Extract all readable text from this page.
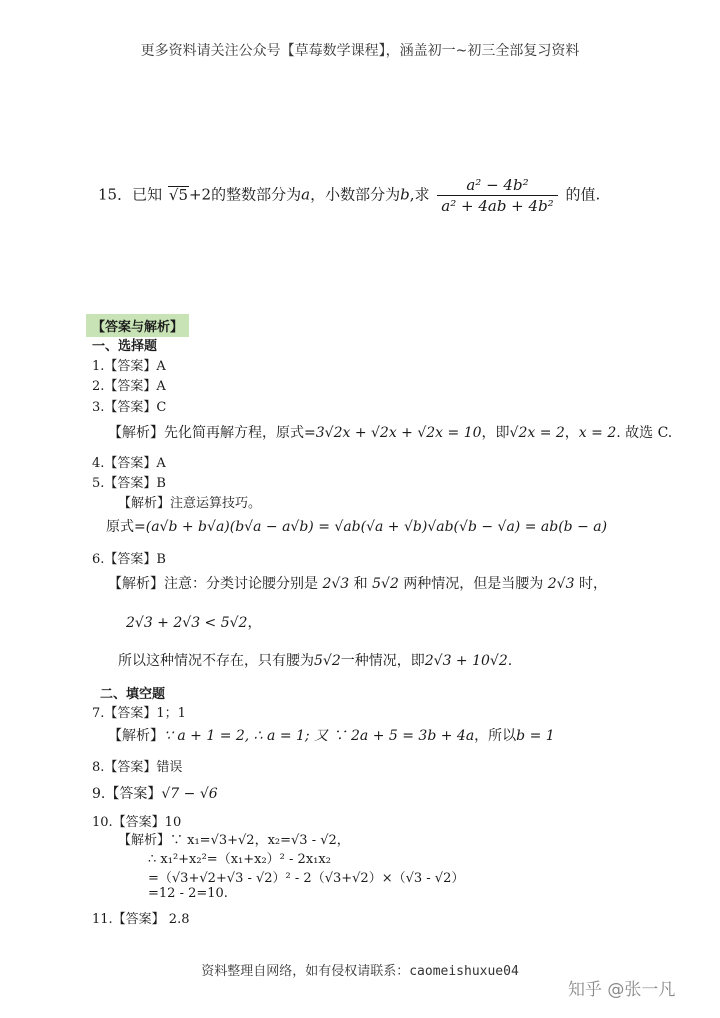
更多资料请关注公众号【草莓数学课程】，涵盖初一~初三全部复习资料
15．已知 √5+2的整数部分为a，小数部分为b,求 $\frac{\text{a² − 4b²}}{\text{a² + 4ab + 4b²}}$ 的值.
【答案与解析】
一、选择题
1.【答案】A
2.【答案】A
3.【答案】C
【解析】先化简再解方程，原式=3√2x + √2x + √2x = 10，即√2x = 2，x = 2. 故选 C.
4.【答案】A
5.【答案】B
【解析】注意运算技巧。
原式=(a√b + b√a)(b√a − a√b) = √ab(√a + √b)√ab(√b − √a) = ab(b − a)
6.【答案】B
【解析】注意：分类讨论腰分别是 2√3 和 5√2 两种情况，但是当腰为 2√3 时，
2√3 + 2√3 < 5√2，
所以这种情况不存在，只有腰为5√2一种情况，即2√3 + 10√2.
二、填空题
7.【答案】1；1
【解析】∵ a + 1 = 2, ∴ a = 1; 又 ∵ 2a + 5 = 3b + 4a，所以b = 1
8.【答案】错误
9.【答案】√7 − √6
10.【答案】10
【解析】∵ x₁=√3+√2，x₂=√3 - √2，
∴ x₁²+x₂²=（x₁+x₂）² - 2x₁x₂
=（√3+√2+√3 - √2）² - 2（√3+√2）×（√3 - √2）
=12 - 2=10.
11.【答案】 2.8
资料整理自网络，如有侵权请联系：caomeishuxue04
知乎 @张一凡
